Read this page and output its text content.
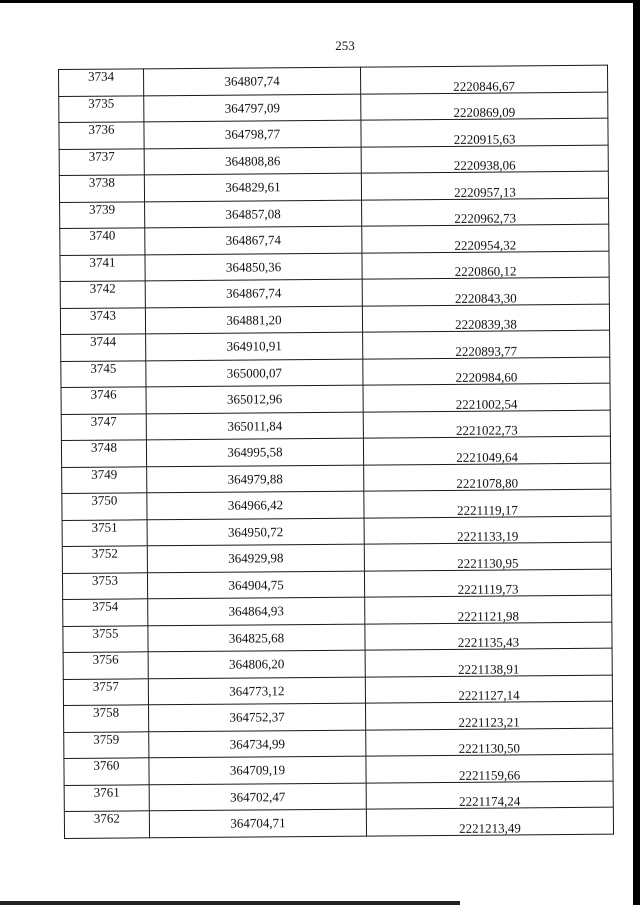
253
3734	364807,74	2220846,67
3735	364797,09	2220869,09
3736	364798,77	2220915,63
3737	364808,86	2220938,06
3738	364829,61	2220957,13
3739	364857,08	2220962,73
3740	364867,74	2220954,32
3741	364850,36	2220860,12
3742	364867,74	2220843,30
3743	364881,20	2220839,38
3744	364910,91	2220893,77
3745	365000,07	2220984,60
3746	365012,96	2221002,54
3747	365011,84	2221022,73
3748	364995,58	2221049,64
3749	364979,88	2221078,80
3750	364966,42	2221119,17
3751	364950,72	2221133,19
3752	364929,98	2221130,95
3753	364904,75	2221119,73
3754	364864,93	2221121,98
3755	364825,68	2221135,43
3756	364806,20	2221138,91
3757	364773,12	2221127,14
3758	364752,37	2221123,21
3759	364734,99	2221130,50
3760	364709,19	2221159,66
3761	364702,47	2221174,24
3762	364704,71	2221213,49
